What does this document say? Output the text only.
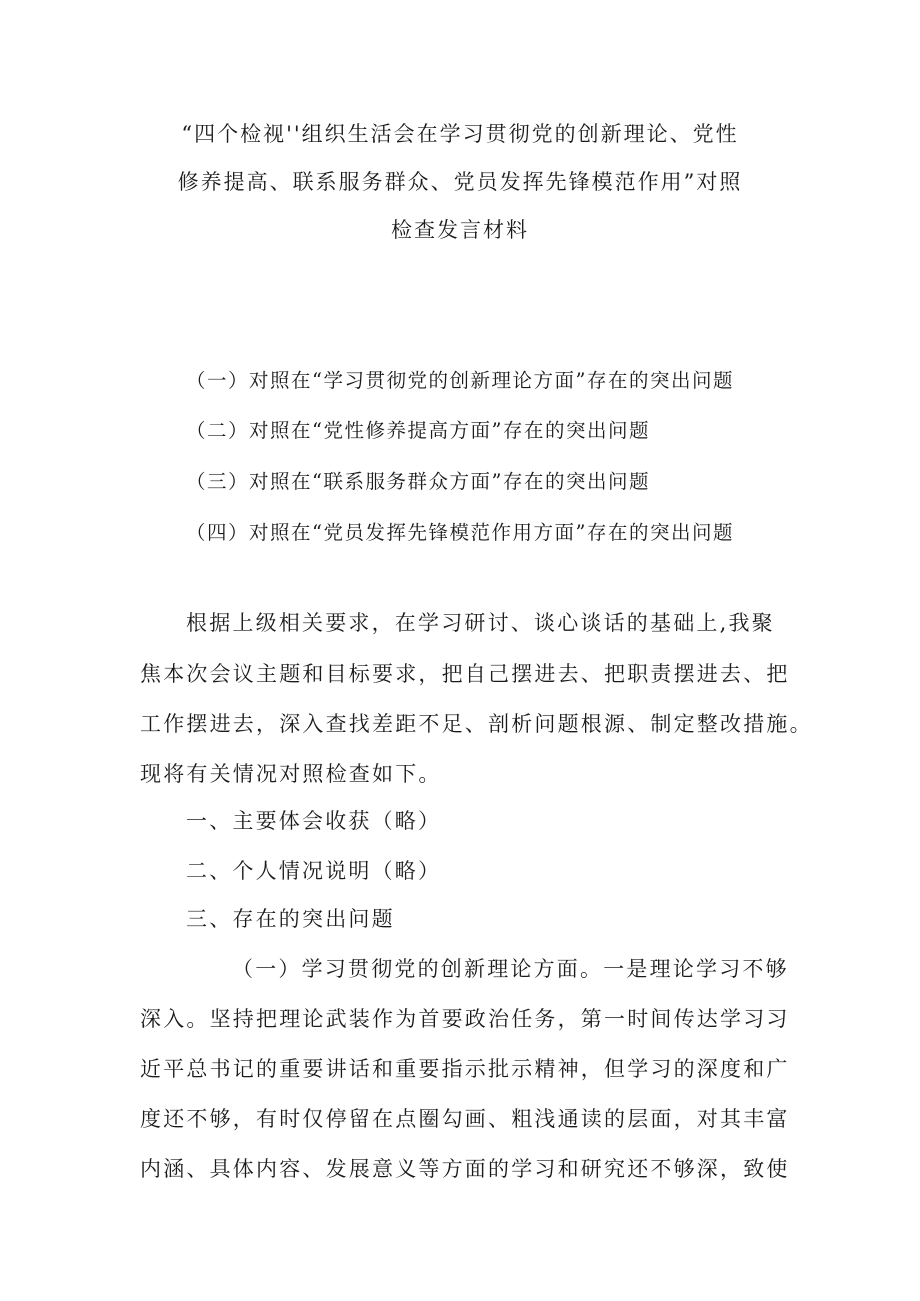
“四个检视''组织生活会在学习贯彻党的创新理论、党性
修养提高、联系服务群众、党员发挥先锋模范作用”对照
检查发言材料
（一）对照在“学习贯彻党的创新理论方面”存在的突出问题
（二）对照在“党性修养提高方面”存在的突出问题
（三）对照在“联系服务群众方面”存在的突出问题
（四）对照在“党员发挥先锋模范作用方面”存在的突出问题
根据上级相关要求，在学习研讨、谈心谈话的基础上,我聚
焦本次会议主题和目标要求，把自己摆进去、把职责摆进去、把
工作摆进去，深入查找差距不足、剖析问题根源、制定整改措施。
现将有关情况对照检查如下。
一、主要体会收获（略）
二、个人情况说明（略）
三、存在的突出问题
（一）学习贯彻党的创新理论方面。一是理论学习不够
深入。坚持把理论武装作为首要政治任务，第一时间传达学习习
近平总书记的重要讲话和重要指示批示精神，但学习的深度和广
度还不够，有时仅停留在点圈勾画、粗浅通读的层面，对其丰富
内涵、具体内容、发展意义等方面的学习和研究还不够深，致使
